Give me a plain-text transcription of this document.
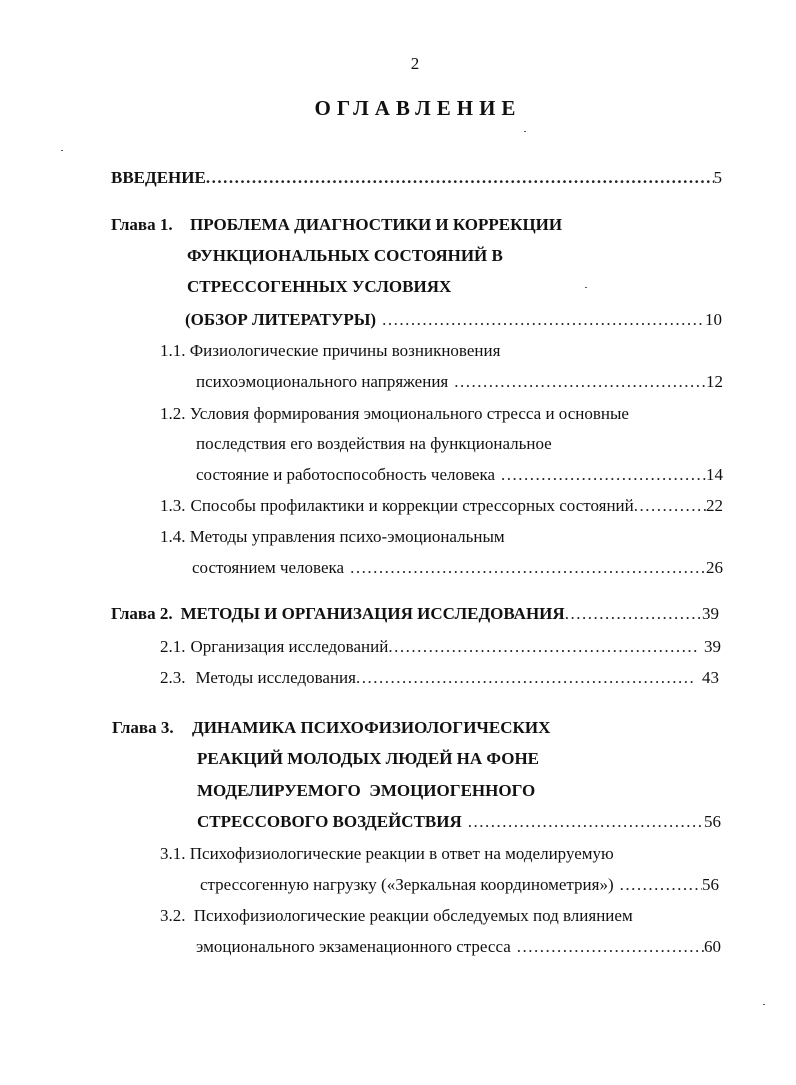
2
ОГЛАВЛЕНИЕ
ВВЕДЕНИЕ .....	5
Глава 1. ПРОБЛЕМА ДИАГНОСТИКИ И КОРРЕКЦИИ
ФУНКЦИОНАЛЬНЫХ СОСТОЯНИЙ В
СТРЕССОГЕННЫХ УСЛОВИЯХ
(ОБЗОР ЛИТЕРАТУРЫ) .....	10
1.1. Физиологические причины возникновения
психоэмоционального напряжения .....	12
1.2. Условия формирования эмоционального стресса и основные
последствия его воздействия на функциональное
состояние и работоспособность человека .....	14
1.3. Способы профилактики и коррекции стрессорных состояний .....	22
1.4. Методы управления психо-эмоциональным
состоянием человека .....	26
Глава 2. МЕТОДЫ И ОРГАНИЗАЦИЯ ИССЛЕДОВАНИЯ .....	39
2.1. Организация исследований .....	39
2.3. Методы исследования .....	43
Глава 3. ДИНАМИКА ПСИХОФИЗИОЛОГИЧЕСКИХ
РЕАКЦИЙ МОЛОДЫХ ЛЮДЕЙ НА ФОНЕ
МОДЕЛИРУЕМОГО  ЭМОЦИОГЕННОГО
СТРЕССОВОГО ВОЗДЕЙСТВИЯ .....	56
3.1. Психофизиологические реакции в ответ на моделируемую
стрессогенную нагрузку («Зеркальная координометрия») .....	56
3.2. Психофизиологические реакции обследуемых под влиянием
эмоционального экзаменационного стресса .....	60
